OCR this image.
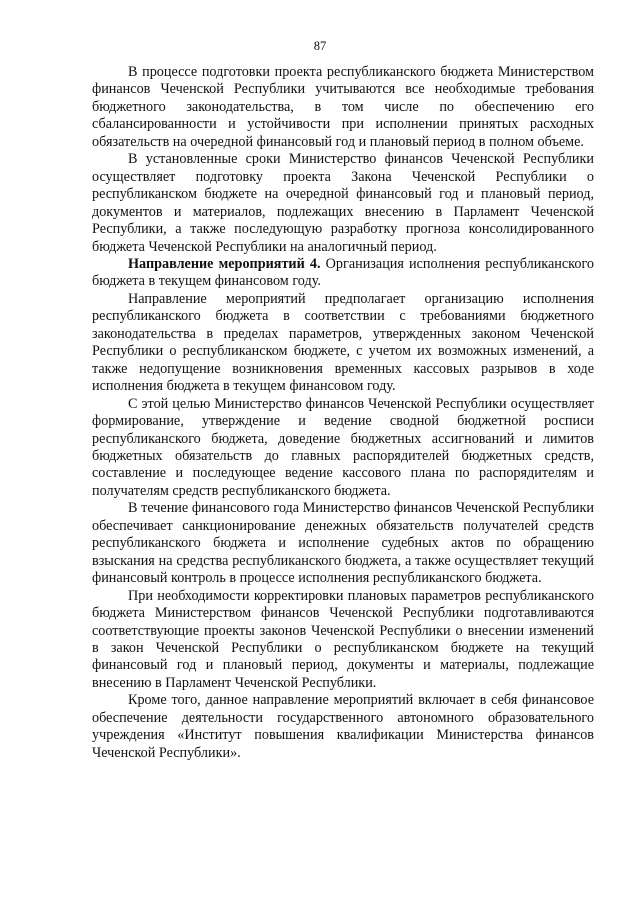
87

В процессе подготовки проекта республиканского бюджета Министерством финансов Чеченской Республики учитываются все необходимые требования бюджетного законодательства, в том числе по обеспечению его сбалансированности и устойчивости при исполнении принятых расходных обязательств на очередной финансовый год и плановый период в полном объеме.

В установленные сроки Министерство финансов Чеченской Республики осуществляет подготовку проекта Закона Чеченской Республики о республиканском бюджете на очередной финансовый год и плановый период, документов и материалов, подлежащих внесению в Парламент Чеченской Республики, а также последующую разработку прогноза консолидированного бюджета Чеченской Республики на аналогичный период.

Направление мероприятий 4. Организация исполнения республиканского бюджета в текущем финансовом году.

Направление мероприятий предполагает организацию исполнения республиканского бюджета в соответствии с требованиями бюджетного законодательства в пределах параметров, утвержденных законом Чеченской Республики о республиканском бюджете, с учетом их возможных изменений, а также недопущение возникновения временных кассовых разрывов в ходе исполнения бюджета в текущем финансовом году.

С этой целью Министерство финансов Чеченской Республики осуществляет формирование, утверждение и ведение сводной бюджетной росписи республиканского бюджета, доведение бюджетных ассигнований и лимитов бюджетных обязательств до главных распорядителей бюджетных средств, составление и последующее ведение кассового плана по распорядителям и получателям средств республиканского бюджета.

В течение финансового года Министерство финансов Чеченской Республики обеспечивает санкционирование денежных обязательств получателей средств республиканского бюджета и исполнение судебных актов по обращению взыскания на средства республиканского бюджета, а также осуществляет текущий финансовый контроль в процессе исполнения республиканского бюджета.

При необходимости корректировки плановых параметров республиканского бюджета Министерством финансов Чеченской Республики подготавливаются соответствующие проекты законов Чеченской Республики о внесении изменений в закон Чеченской Республики о республиканском бюджете на текущий финансовый год и плановый период, документы и материалы, подлежащие внесению в Парламент Чеченской Республики.

Кроме того, данное направление мероприятий включает в себя финансовое обеспечение деятельности государственного автономного образовательного учреждения «Институт повышения квалификации Министерства финансов Чеченской Республики».
